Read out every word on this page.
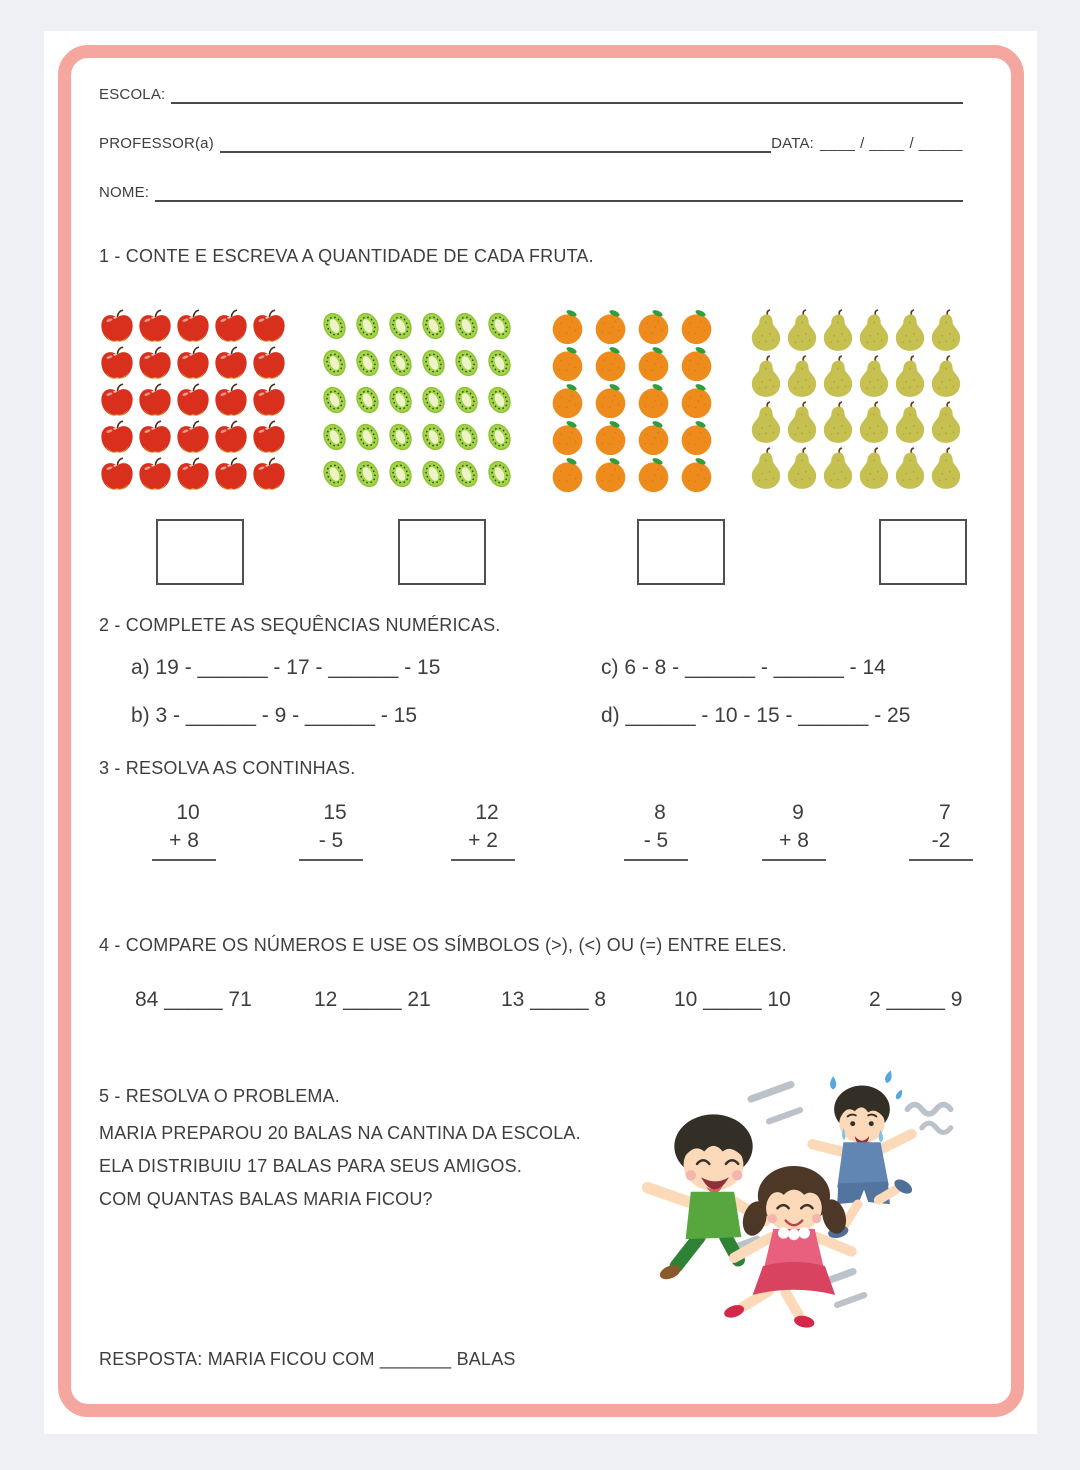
ESCOLA:
PROFESSOR(a)	DATA: ____ / ____ / _____
NOME:
1 - CONTE E ESCREVA A QUANTIDADE DE CADA FRUTA.
2 - COMPLETE AS SEQUÊNCIAS NUMÉRICAS.
a) 19 - ______ - 17 - ______ - 15
b) 3 - ______ - 9 - ______ - 15
c) 6 - 8 - ______ - ______ - 14
d) ______ - 10 - 15 - ______ - 25
3 - RESOLVA AS CONTINHAS.
10
+ 8
15
- 5
12
+ 2
8
- 5
9
+ 8
7
-2
4 - COMPARE OS NÚMEROS E USE OS SÍMBOLOS (>), (<) OU (=) ENTRE ELES.
84 _____ 71	12 _____ 21	13 _____ 8	10 _____ 10	2 _____ 9
5 - RESOLVA O PROBLEMA.

MARIA PREPAROU 20 BALAS NA CANTINA DA ESCOLA.

ELA DISTRIBUIU 17 BALAS PARA SEUS AMIGOS.

COM QUANTAS BALAS MARIA FICOU?

RESPOSTA: MARIA FICOU COM _______ BALAS
